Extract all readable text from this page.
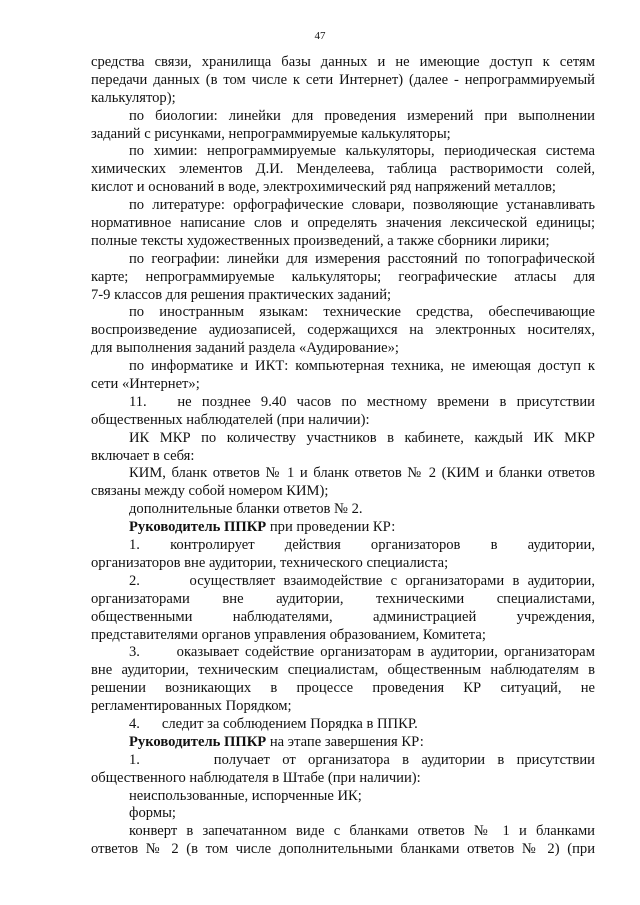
47
средства связи, хранилища базы данных и не имеющие доступ к сетям
передачи данных (в том числе к сети Интернет) (далее - непрограммируемый
калькулятор);
по биологии: линейки для проведения измерений при выполнении
заданий с рисунками, непрограммируемые калькуляторы;
по химии: непрограммируемые калькуляторы, периодическая система
химических элементов Д.И. Менделеева, таблица растворимости солей,
кислот и оснований в воде, электрохимический ряд напряжений металлов;
по литературе: орфографические словари, позволяющие устанавливать
нормативное написание слов и определять значения лексической единицы;
полные тексты художественных произведений, а также сборники лирики;
по географии: линейки для измерения расстояний по топографической
карте; непрограммируемые калькуляторы; географические атласы для
7-9 классов для решения практических заданий;
по иностранным языкам: технические средства, обеспечивающие
воспроизведение аудиозаписей, содержащихся на электронных носителях,
для выполнения заданий раздела «Аудирование»;
по информатике и ИКТ: компьютерная техника, не имеющая доступ к
сети «Интернет»;
11.   не позднее 9.40 часов по местному времени в присутствии
общественных наблюдателей (при наличии):
ИК МКР по количеству участников в кабинете, каждый ИК МКР
включает в себя:
КИМ, бланк ответов № 1 и бланк ответов № 2 (КИМ и бланки ответов
связаны между собой номером КИМ);
дополнительные бланки ответов № 2.
Руководитель ППКР при проведении КР:
1.      контролирует      действия      организаторов      в      аудитории,
организаторов вне аудитории, технического специалиста;
2.      осуществляет взаимодействие с организаторами в аудитории,
организаторами вне аудитории, техническими специалистами,
общественными наблюдателями, администрацией учреждения,
представителями органов управления образованием, Комитета;
3.      оказывает содействие организаторам в аудитории, организаторам
вне аудитории, техническим специалистам, общественным наблюдателям в
решении возникающих в процессе проведения КР ситуаций, не
регламентированных Порядком;
4.      следит за соблюдением Порядка в ППКР.
Руководитель ППКР на этапе завершения КР:
1.      получает от организатора в аудитории в присутствии
общественного наблюдателя в Штабе (при наличии):
неиспользованные, испорченные ИК;
формы;
конверт в запечатанном виде с бланками ответов № 1 и бланками
ответов № 2 (в том числе дополнительными бланками ответов № 2) (при
